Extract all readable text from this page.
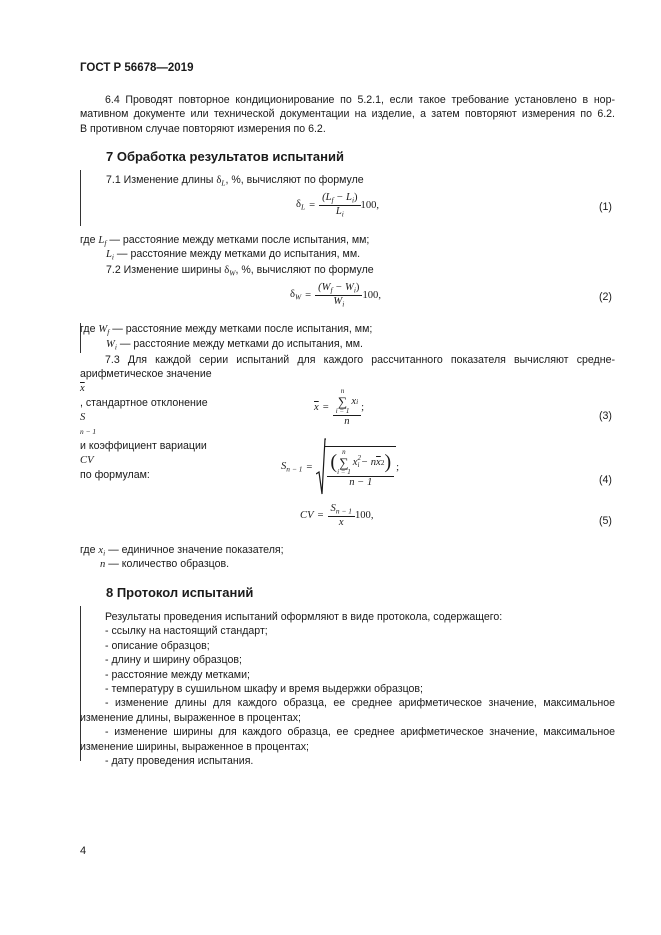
ГОСТ Р 56678—2019
6.4 Проводят повторное кондиционирование по 5.2.1, если такое требование установлено в нор-
мативном документе или технической документации на изделие, а затем повторяют измерения по 6.2.
В противном случае повторяют измерения по 6.2.
7 Обработка результатов испытаний
7.1 Изменение длины $\delta_L$, %, вычисляют по формуле
$\delta_L = \frac{(L_f - L_i)}{L_i} 100$,	(1)
где $L_f$ — расстояние между метками после испытания, мм;
$L_i$ — расстояние между метками до испытания, мм.
7.2 Изменение ширины $\delta_W$, %, вычисляют по формуле
$\delta_W = \frac{(W_f - W_i)}{W_i} 100$,	(2)
где $W_f$ — расстояние между метками после испытания, мм;
$W_i$ — расстояние между метками до испытания, мм.
7.3 Для каждой серии испытаний для каждого рассчитанного показателя вычисляют средне-
арифметическое значение
$\overline{x}$
, стандартное отклонение
S
n − 1
и коэффициент вариации
CV
по формулам:
$\overline{x} = n$
∑
i = 1
x i
n ;
(3)
$S_{n - 1}$ = ( n
∑
i = 1
x 2
i − n $\overline{x}$ 2 )
n − 1
;
(4)
CV = $\frac{S_{n - 1}}{x} 100$,	(5)
где $x_i$ — единичное значение показателя;
n — количество образцов.
8 Протокол испытаний
Результаты проведения испытаний оформляют в виде протокола, содержащего:
- ссылку на настоящий стандарт;
- описание образцов;
- длину и ширину образцов;
- расстояние между метками;
- температуру в сушильном шкафу и время выдержки образцов;
- изменение длины для каждого образца, ее среднее арифметическое значение, максимальное
изменение длины, выраженное в процентах;
- изменение ширины для каждого образца, ее среднее арифметическое значение, максимальное
изменение ширины, выраженное в процентах;
- дату проведения испытания.
4
